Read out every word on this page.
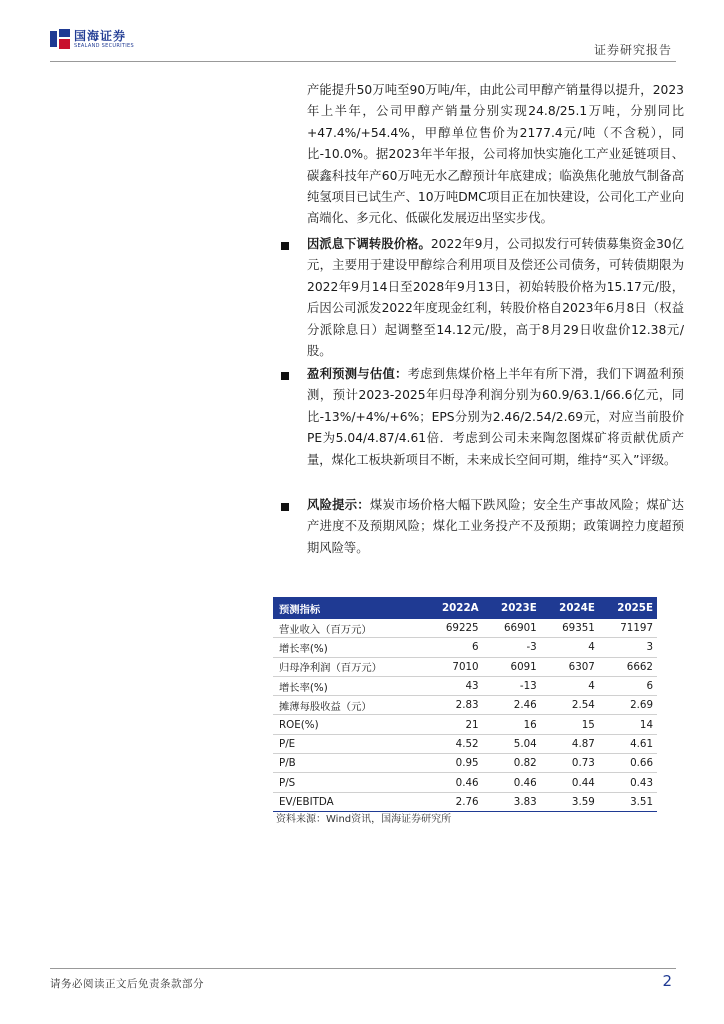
国海证券
SEALAND SECURITIES	证券研究报告
产能提升50万吨至90万吨/年，由此公司甲醇产销量得以提升，2023年上半年，公司甲醇产销量分别实现24.8/25.1万吨，分别同比+47.4%/+54.4%，甲醇单位售价为2177.4元/吨（不含税），同比-10.0%。据2023年半年报，公司将加快实施化工产业延链项目、碳鑫科技年产60万吨无水乙醇预计年底建成；临涣焦化驰放气制备高纯氢项目已试生产、10万吨DMC项目正在加快建设，公司化工产业向高端化、多元化、低碳化发展迈出坚实步伐。
因派息下调转股价格。2022年9月，公司拟发行可转债募集资金30亿元，主要用于建设甲醇综合利用项目及偿还公司债务，可转债期限为2022年9月14日至2028年9月13日，初始转股价格为15.17元/股，后因公司派发2022年度现金红利，转股价格自2023年6月8日（权益分派除息日）起调整至14.12元/股，高于8月29日收盘价12.38元/股。
盈利预测与估值：考虑到焦煤价格上半年有所下滑，我们下调盈利预测，预计2023-2025年归母净利润分别为60.9/63.1/66.6亿元，同比-13%/+4%/+6%；EPS分别为2.46/2.54/2.69元，对应当前股价PE为5.04/4.87/4.61倍．考虑到公司未来陶忽图煤矿将贡献优质产量，煤化工板块新项目不断，未来成长空间可期，维持“买入”评级。
风险提示：煤炭市场价格大幅下跌风险；安全生产事故风险；煤矿达产进度不及预期风险；煤化工业务投产不及预期；政策调控力度超预期风险等。
预测指标	2022A	2023E	2024E	2025E
营业收入（百万元）	69225	66901	69351	71197
增长率(%)	6	-3	4	3
归母净利润（百万元）	7010	6091	6307	6662
增长率(%)	43	-13	4	6
摊薄每股收益（元）	2.83	2.46	2.54	2.69
ROE(%)	21	16	15	14
P/E	4.52	5.04	4.87	4.61
P/B	0.95	0.82	0.73	0.66
P/S	0.46	0.46	0.44	0.43
EV/EBITDA	2.76	3.83	3.59	3.51
资料来源：Wind资讯，国海证券研究所
请务必阅读正文后免责条款部分	2
